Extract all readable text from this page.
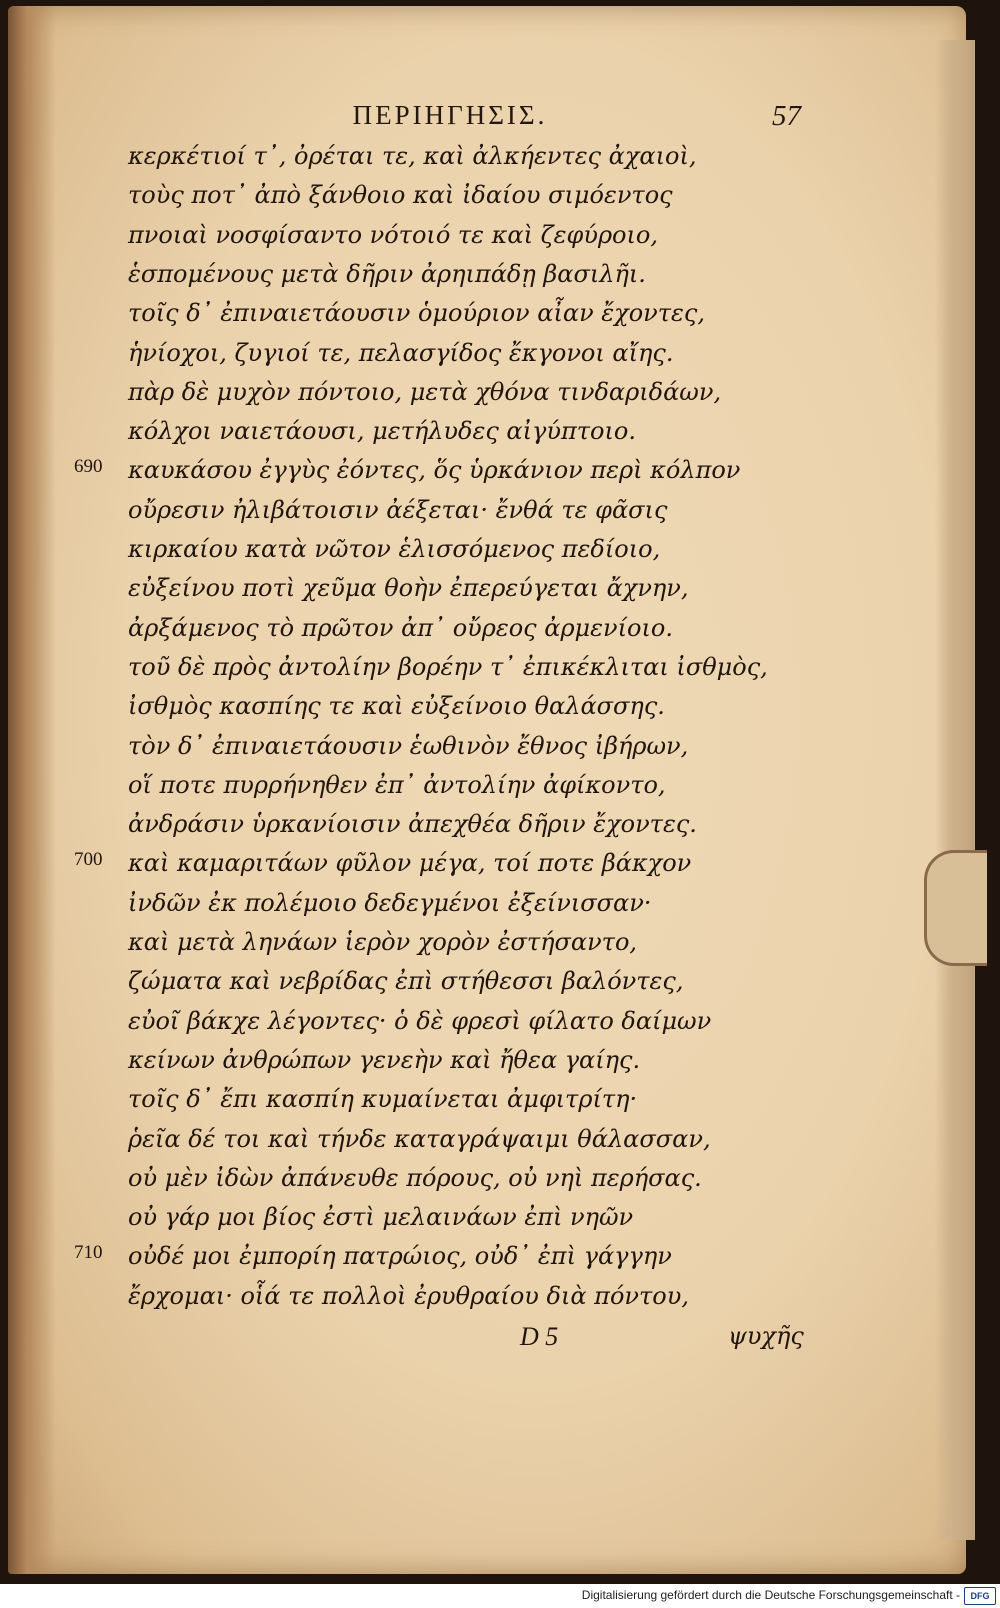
ΠΕΡΙΗΓΗΣΙΣ.	57
κερκέτιοί τ᾽, ὀρέται τε, καὶ ἀλκήεντες ἀχαιοὶ,
τοὺς ποτ᾽ ἀπὸ ξάνθοιο καὶ ἰδαίου σιμόεντος
πνοιαὶ νοσφίσαντο νότοιό τε καὶ ζεφύροιο,
ἑσπομένους μετὰ δῆριν ἀρηιπάδῃ βασιλῆι.
τοῖς δ᾽ ἐπιναιετάουσιν ὁμούριον αἶαν ἔχοντες,
ἡνίοχοι, ζυγιοί τε, πελασγίδος ἔκγονοι αἴης.
πὰρ δὲ μυχὸν πόντοιο, μετὰ χθόνα τινδαριδάων,
κόλχοι ναιετάουσι, μετήλυδες αἰγύπτοιο.
690 καυκάσου ἐγγὺς ἐόντες, ὅς ὑρκάνιον περὶ κόλπον
οὔρεσιν ἠλιβάτοισιν ἀέξεται· ἔνθά τε φᾶσις
κιρκαίου κατὰ νῶτον ἑλισσόμενος πεδίοιο,
εὐξείνου ποτὶ χεῦμα θοὴν ἐπερεύγεται ἄχνην,
ἀρξάμενος τὸ πρῶτον ἀπ᾽ οὔρεος ἀρμενίοιο.
τοῦ δὲ πρὸς ἀντολίην βορέην τ᾽ ἐπικέκλιται ἰσθμὸς,
ἰσθμὸς κασπίης τε καὶ εὐξείνοιο θαλάσσης.
τὸν δ᾽ ἐπιναιετάουσιν ἑωθινὸν ἔθνος ἰβήρων,
οἵ ποτε πυρρήνηθεν ἐπ᾽ ἀντολίην ἀφίκοντο,
ἀνδράσιν ὑρκανίοισιν ἀπεχθέα δῆριν ἔχοντες.
700 καὶ καμαριτάων φῦλον μέγα, τοί ποτε βάκχον
ἰνδῶν ἐκ πολέμοιο δεδεγμένοι ἐξείνισσαν·
καὶ μετὰ ληνάων ἱερὸν χορὸν ἐστήσαντο,
ζώματα καὶ νεβρίδας ἐπὶ στήθεσσι βαλόντες,
εὐοῖ βάκχε λέγοντες· ὁ δὲ φρεσὶ φίλατο δαίμων
κείνων ἀνθρώπων γενεὴν καὶ ἤθεα γαίης.
τοῖς δ᾽ ἔπι κασπίη κυμαίνεται ἀμφιτρίτη·
ῥεῖα δέ τοι καὶ τήνδε καταγράψαιμι θάλασσαν,
οὐ μὲν ἰδὼν ἀπάνευθε πόρους, οὐ νηὶ περήσας.
οὐ γάρ μοι βίος ἐστὶ μελαινάων ἐπὶ νηῶν
710 οὐδέ μοι ἐμπορίη πατρώιος, οὐδ᾽ ἐπὶ γάγγην
ἔρχομαι· οἷά τε πολλοὶ ἐρυθραίου διὰ πόντου,
D 5	ψυχῆς
Digitalisierung gefördert durch die Deutsche Forschungsgemeinschaft -	DFG
